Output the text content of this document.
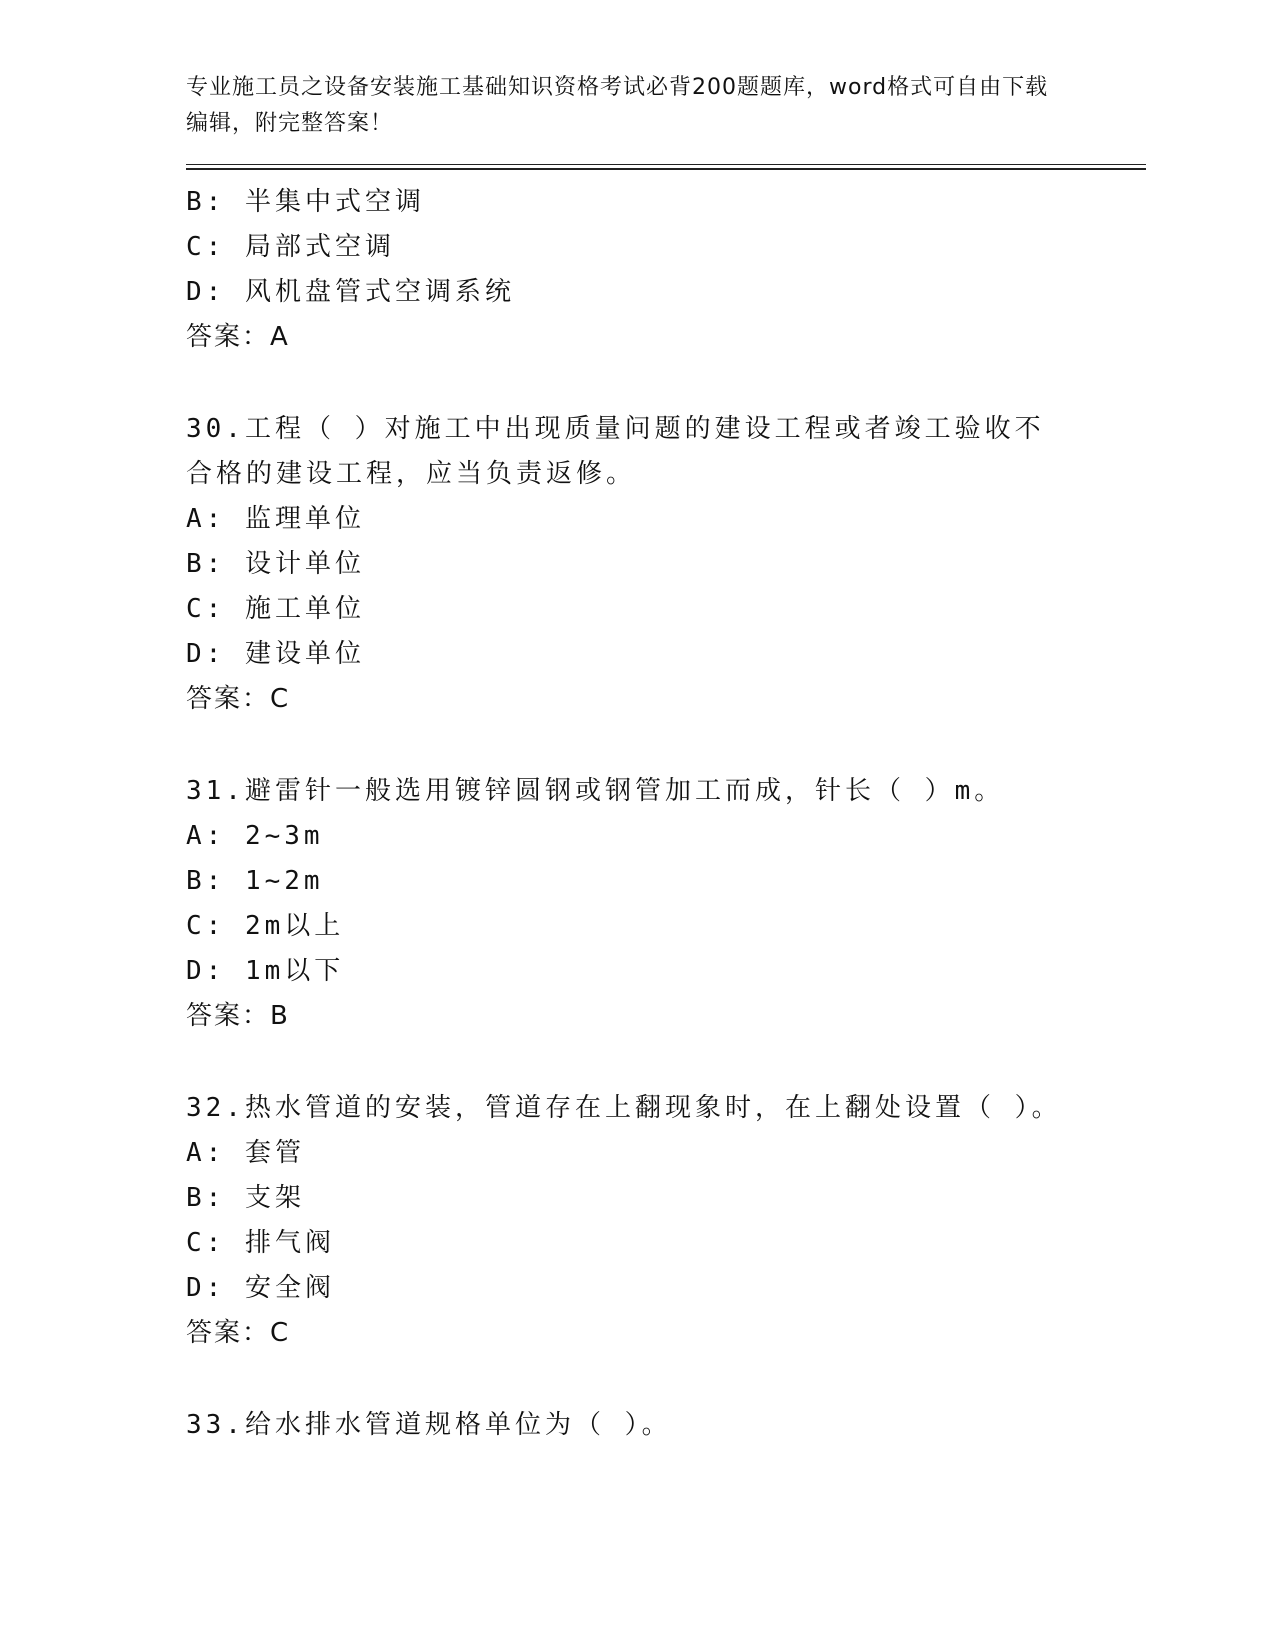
专业施工员之设备安装施工基础知识资格考试必背200题题库，word格式可自由下载编辑，附完整答案！
B: 半集中式空调
C: 局部式空调
D: 风机盘管式空调系统
答案：A
30.工程（ ）对施工中出现质量问题的建设工程或者竣工验收不合格的建设工程，应当负责返修。
A: 监理单位
B: 设计单位
C: 施工单位
D: 建设单位
答案：C
31.避雷针一般选用镀锌圆钢或钢管加工而成，针长（ ）m。
A: 2~3m
B: 1~2m
C: 2m以上
D: 1m以下
答案：B
32.热水管道的安装，管道存在上翻现象时，在上翻处设置（ ）。
A: 套管
B: 支架
C: 排气阀
D: 安全阀
答案：C
33.给水排水管道规格单位为（ ）。
